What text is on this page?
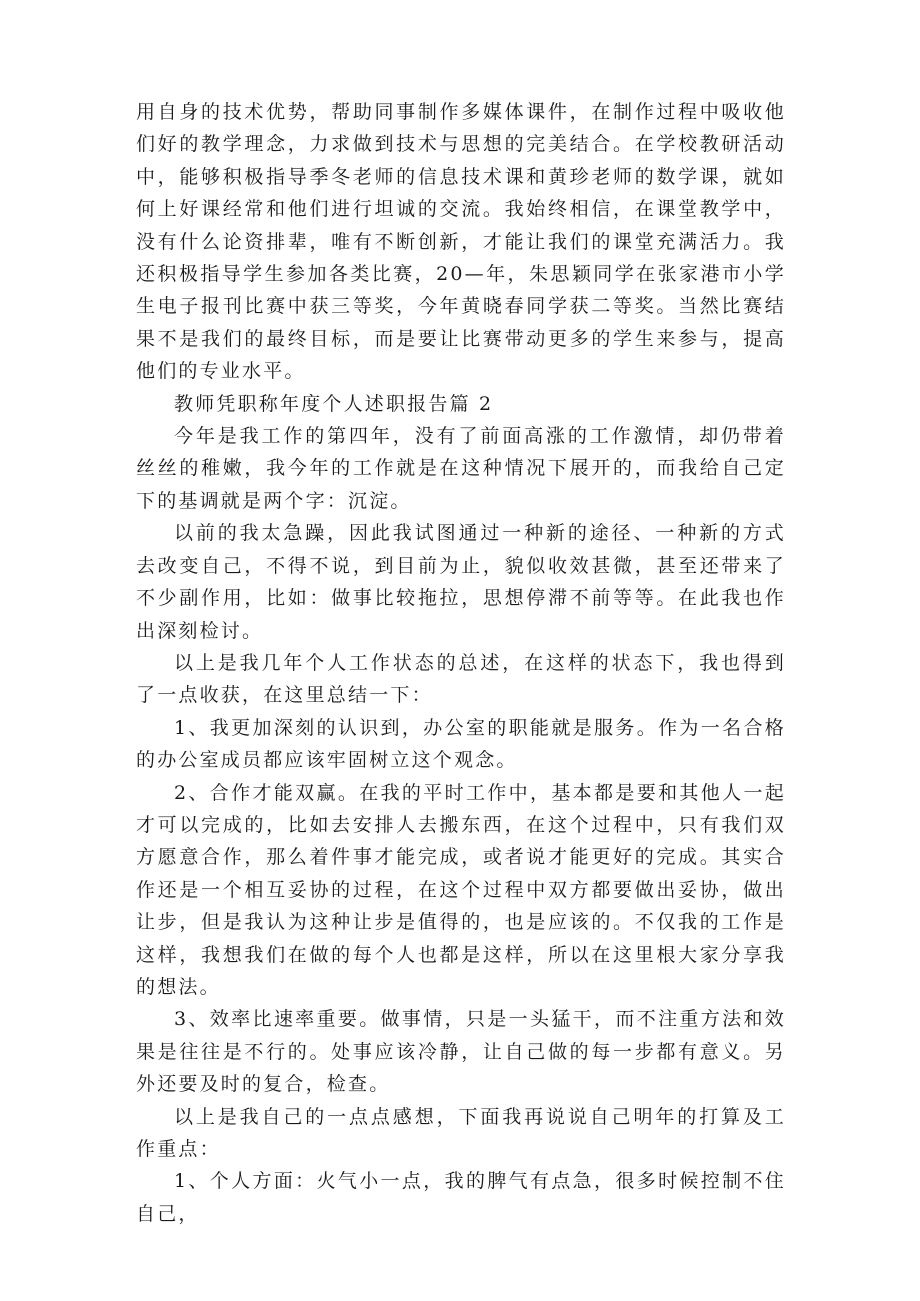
用自身的技术优势，帮助同事制作多媒体课件，在制作过程中吸收他们好的教学理念，力求做到技术与思想的完美结合。在学校教研活动中，能够积极指导季冬老师的信息技术课和黄珍老师的数学课，就如何上好课经常和他们进行坦诚的交流。我始终相信，在课堂教学中，没有什么论资排辈，唯有不断创新，才能让我们的课堂充满活力。我还积极指导学生参加各类比赛，20—年，朱思颖同学在张家港市小学生电子报刊比赛中获三等奖，今年黄晓春同学获二等奖。当然比赛结果不是我们的最终目标，而是要让比赛带动更多的学生来参与，提高他们的专业水平。

教师凭职称年度个人述职报告篇 2

今年是我工作的第四年，没有了前面高涨的工作激情，却仍带着丝丝的稚嫩，我今年的工作就是在这种情况下展开的，而我给自己定下的基调就是两个字：沉淀。

以前的我太急躁，因此我试图通过一种新的途径、一种新的方式去改变自己，不得不说，到目前为止，貌似收效甚微，甚至还带来了不少副作用，比如：做事比较拖拉，思想停滞不前等等。在此我也作出深刻检讨。

以上是我几年个人工作状态的总述，在这样的状态下，我也得到了一点收获，在这里总结一下：

1、我更加深刻的认识到，办公室的职能就是服务。作为一名合格的办公室成员都应该牢固树立这个观念。

2、合作才能双赢。在我的平时工作中，基本都是要和其他人一起才可以完成的，比如去安排人去搬东西，在这个过程中，只有我们双方愿意合作，那么着件事才能完成，或者说才能更好的完成。其实合作还是一个相互妥协的过程，在这个过程中双方都要做出妥协，做出让步，但是我认为这种让步是值得的，也是应该的。不仅我的工作是这样，我想我们在做的每个人也都是这样，所以在这里根大家分享我的想法。

3、效率比速率重要。做事情，只是一头猛干，而不注重方法和效果是往往是不行的。处事应该冷静，让自己做的每一步都有意义。另外还要及时的复合，检查。

以上是我自己的一点点感想，下面我再说说自己明年的打算及工作重点：

1、个人方面：火气小一点，我的脾气有点急，很多时候控制不住自己，
